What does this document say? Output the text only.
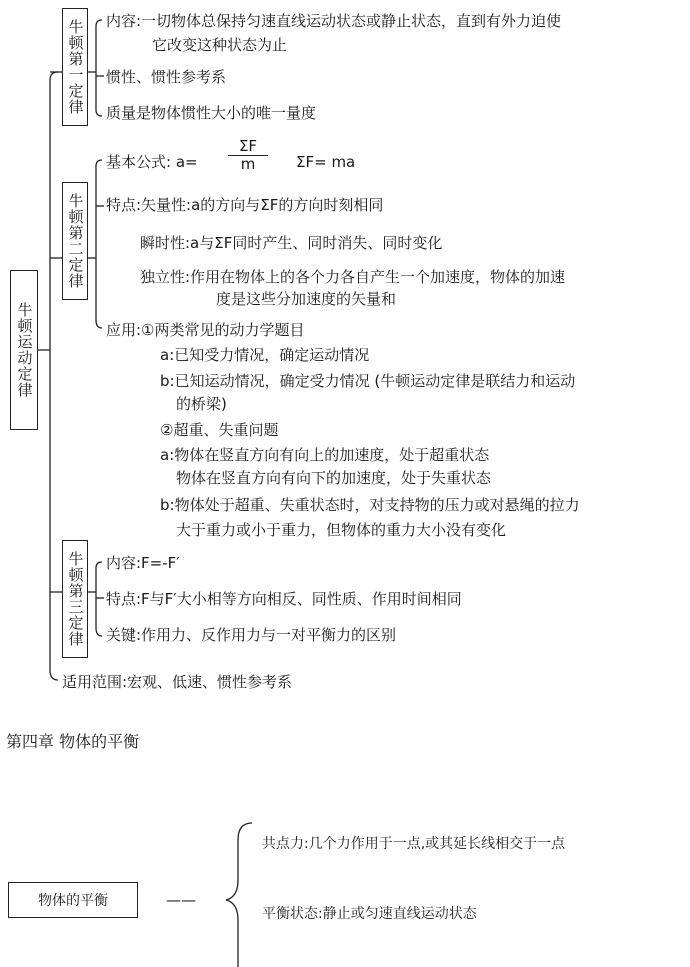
牛顿运动定律
牛顿第一定律 内容:一切物体总保持匀速直线运动状态或静止状态，直到有外力迫使
它改变这种状态为止
惯性、惯性参考系
质量是物体惯性大小的唯一量度
牛顿第二定律
基本公式: $a= \frac{\Sigma F}{m} \Sigma F=$ ma
特点:矢量性:a的方向与ΣF的方向时刻相同
瞬时性:a与ΣF同时产生、同时消失、同时变化
独立性:作用在物体上的各个力各自产生一个加速度，物体的加速
度是这些分加速度的矢量和
应用:①两类常见的动力学题目
a:已知受力情况，确定运动情况
b:已知运动情况，确定受力情况 (牛顿运动定律是联结力和运动
的桥梁)
②超重、失重问题
a:物体在竖直方向有向上的加速度，处于超重状态
物体在竖直方向有向下的加速度，处于失重状态
b:物体处于超重、失重状态时，对支持物的压力或对悬绳的拉力
大于重力或小于重力，但物体的重力大小没有变化
牛顿第三定律 内容:F=-F′
特点:F与F′大小相等方向相反、同性质、作用时间相同
关键:作用力、反作用力与一对平衡力的区别
适用范围:宏观、低速、惯性参考系
第四章 物体的平衡
物体的平衡	——
共点力:几个力作用于一点,或其延长线相交于一点
平衡状态:静止或匀速直线运动状态
